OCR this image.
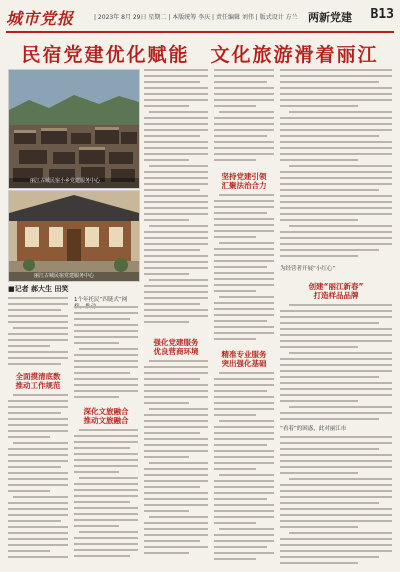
城市党报	| 2023年 8月 29日 星期二 | 本版统筹 李庆 | 责任编辑 刘伟 | 版式设计 方兰 两新党建 B13
民宿党建优化赋能　文化旅游滑着丽江
丽江古城民宿小乡党建服务中心
丽江古城民宿党建服务中心
■记者 郝大生 田笑
全面摸清底数
推动工作规范
1个年托民“四链式”网
深化文旅融合
推动文旅融合
强化党建服务
优良营商环境
坚持党建引领
汇聚法治合力
精准专业服务
突出强化基础
为经营者开展“小红心”
创建“丽江新春”
打造样品品牌
“看着”的困惑，此对丽江市
